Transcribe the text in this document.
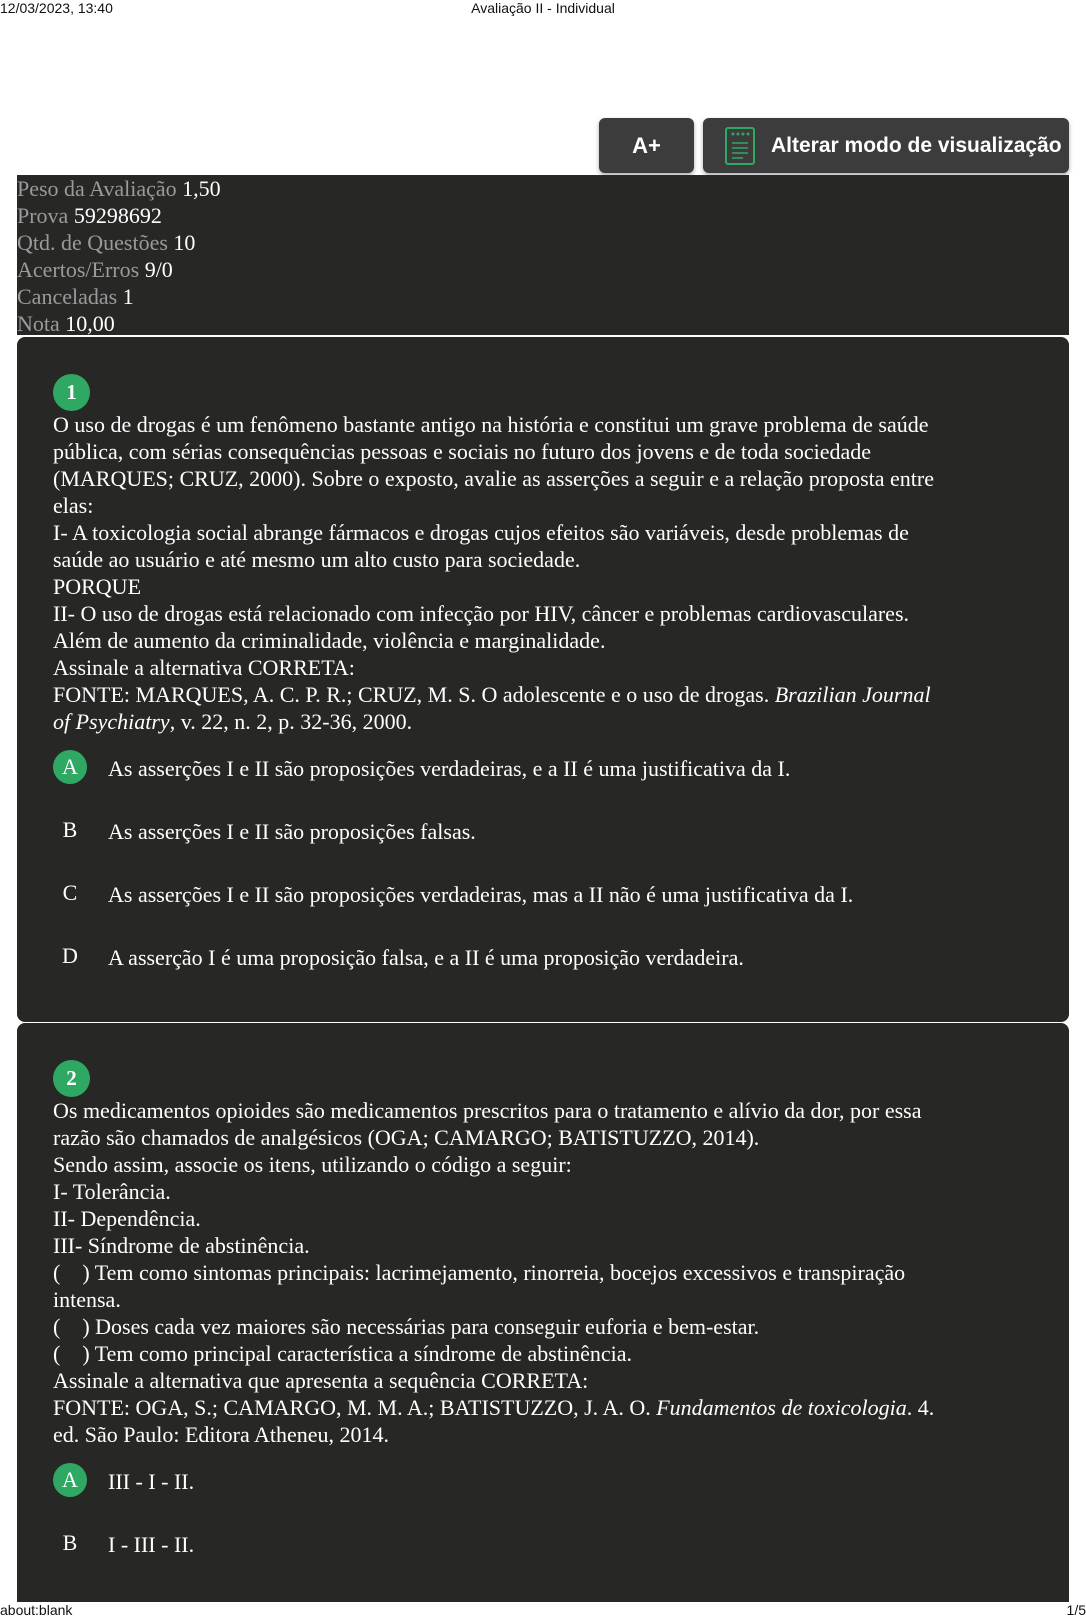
12/03/2023, 13:40	Avaliação II - Individual
A+	Alterar modo de visualização
Peso da Avaliação 1,50
Prova 59298692
Qtd. de Questões 10
Acertos/Erros 9/0
Canceladas 1
Nota 10,00
1
O uso de drogas é um fenômeno bastante antigo na história e constitui um grave problema de saúde
pública, com sérias consequências pessoas e sociais no futuro dos jovens e de toda sociedade
(MARQUES; CRUZ, 2000). Sobre o exposto, avalie as asserções a seguir e a relação proposta entre
elas:
I- A toxicologia social abrange fármacos e drogas cujos efeitos são variáveis, desde problemas de
saúde ao usuário e até mesmo um alto custo para sociedade.
PORQUE
II- O uso de drogas está relacionado com infecção por HIV, câncer e problemas cardiovasculares.
Além de aumento da criminalidade, violência e marginalidade.
Assinale a alternativa CORRETA:
FONTE: MARQUES, A. C. P. R.; CRUZ, M. S. O adolescente e o uso de drogas. Brazilian Journal
of Psychiatry, v. 22, n. 2, p. 32-36, 2000.
A	As asserções I e II são proposições verdadeiras, e a II é uma justificativa da I.
B	As asserções I e II são proposições falsas.
C	As asserções I e II são proposições verdadeiras, mas a II não é uma justificativa da I.
D	A asserção I é uma proposição falsa, e a II é uma proposição verdadeira.
2
Os medicamentos opioides são medicamentos prescritos para o tratamento e alívio da dor, por essa
razão são chamados de analgésicos (OGA; CAMARGO; BATISTUZZO, 2014).
Sendo assim, associe os itens, utilizando o código a seguir:
I- Tolerância.
II- Dependência.
III- Síndrome de abstinência.
(    ) Tem como sintomas principais: lacrimejamento, rinorreia, bocejos excessivos e transpiração
intensa.
(    ) Doses cada vez maiores são necessárias para conseguir euforia e bem-estar.
(    ) Tem como principal característica a síndrome de abstinência.
Assinale a alternativa que apresenta a sequência CORRETA:
FONTE: OGA, S.; CAMARGO, M. M. A.; BATISTUZZO, J. A. O. Fundamentos de toxicologia. 4.
ed. São Paulo: Editora Atheneu, 2014.
A	III - I - II.
B	I - III - II.
about:blank	1/5
